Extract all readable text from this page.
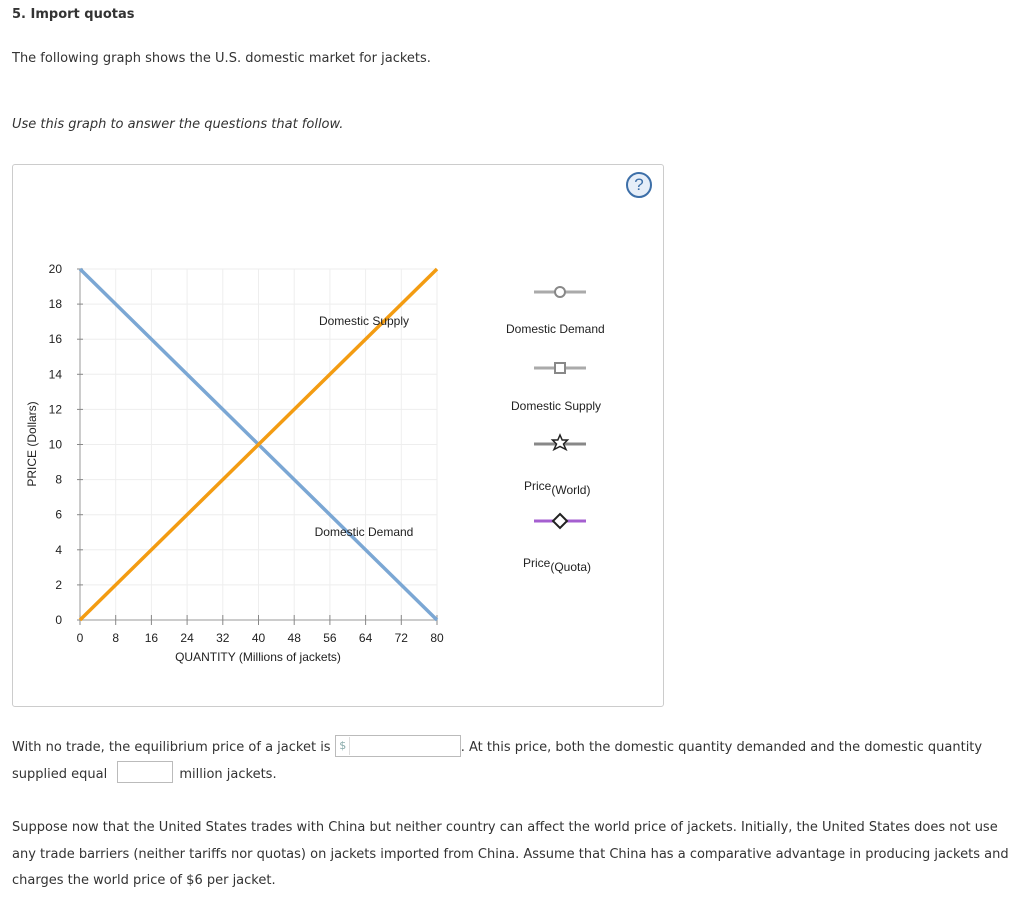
5. Import quotas
The following graph shows the U.S. domestic market for jackets.
Use this graph to answer the questions that follow.
?
0
2
4
6
8
10
12
14
16
18
20
0 8 16 24 32 40 48 56 64 72 80
Domestic Demand
Domestic Supply
QUANTITY (Millions of jackets)
PRICE (Dollars)
Domestic Demand
Domestic Supply
Price$_{(World)}$
Price$_{(Quota)}$
With no trade, the equilibrium price of a jacket is $	. At this price, both the domestic quantity demanded and the domestic quantity supplied equal	million jackets.
Suppose now that the United States trades with China but neither country can affect the world price of jackets. Initially, the United States does not use any trade barriers (neither tariffs nor quotas) on jackets imported from China. Assume that China has a comparative advantage in producing jackets and charges the world price of $6 per jacket.
